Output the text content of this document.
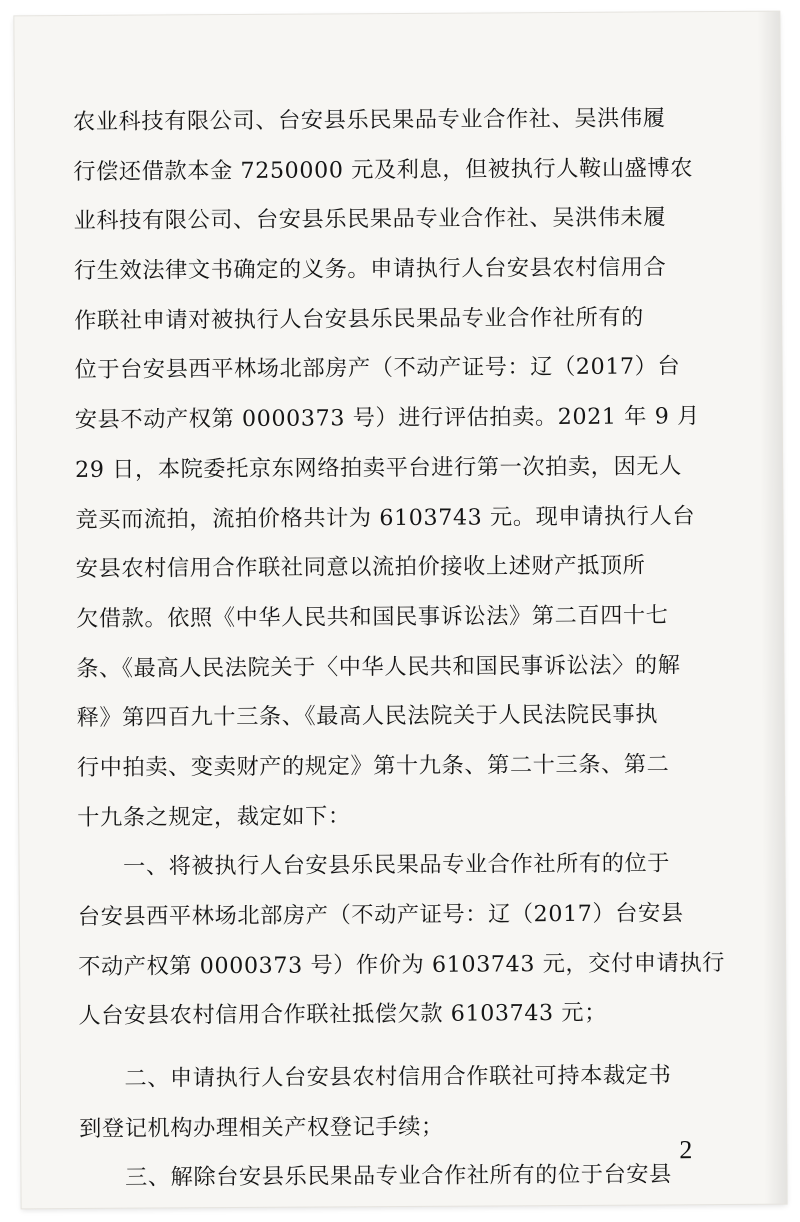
农业科技有限公司、台安县乐民果品专业合作社、吴洪伟履
行偿还借款本金 7250000 元及利息，但被执行人鞍山盛博农
业科技有限公司、台安县乐民果品专业合作社、吴洪伟未履
行生效法律文书确定的义务。申请执行人台安县农村信用合
作联社申请对被执行人台安县乐民果品专业合作社所有的
位于台安县西平林场北部房产（不动产证号：辽（2017）台
安县不动产权第 0000373 号）进行评估拍卖。2021 年 9 月
29 日，本院委托京东网络拍卖平台进行第一次拍卖，因无人
竞买而流拍，流拍价格共计为 6103743 元。现申请执行人台
安县农村信用合作联社同意以流拍价接收上述财产抵顶所
欠借款。依照《中华人民共和国民事诉讼法》第二百四十七
条、《最高人民法院关于〈中华人民共和国民事诉讼法〉的解
释》第四百九十三条、《最高人民法院关于人民法院民事执
行中拍卖、变卖财产的规定》第十九条、第二十三条、第二
十九条之规定，裁定如下：
　　一、将被执行人台安县乐民果品专业合作社所有的位于
台安县西平林场北部房产（不动产证号：辽（2017）台安县
不动产权第 0000373 号）作价为 6103743 元，交付申请执行
人台安县农村信用合作联社抵偿欠款 6103743 元；
　　二、申请执行人台安县农村信用合作联社可持本裁定书
到登记机构办理相关产权登记手续；
　　三、解除台安县乐民果品专业合作社所有的位于台安县
2
